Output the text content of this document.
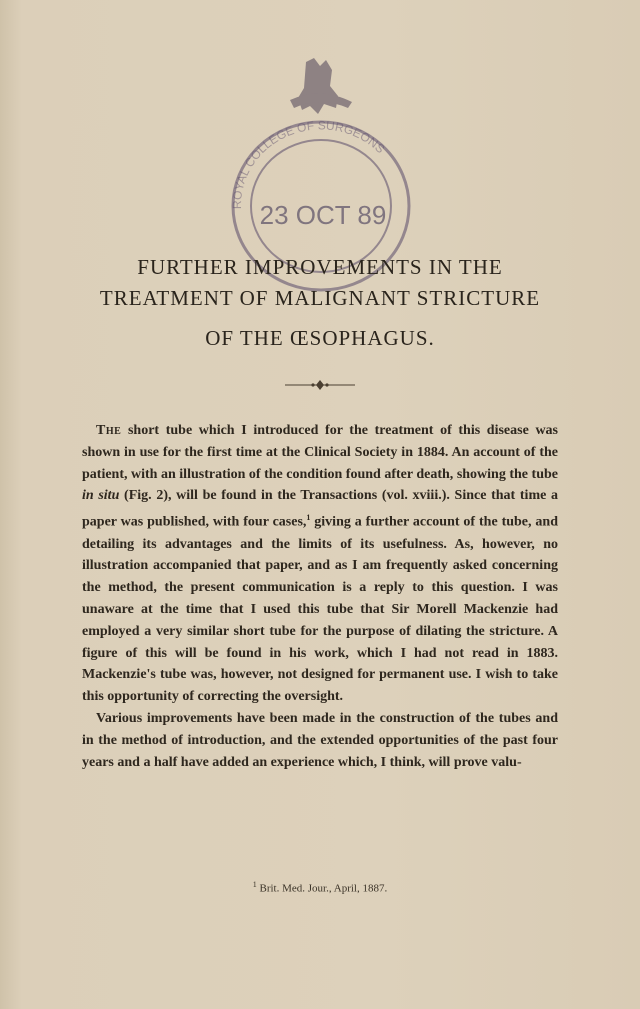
23 OCT 89
ROYAL COLLEGE OF SURGEONS
FURTHER IMPROVEMENTS IN THE
TREATMENT OF MALIGNANT STRICTURE
OF THE ŒSOPHAGUS.

 The short tube which I introduced for the treatment of this disease was shown in use for the first time at the Clinical Society in 1884. An account of the patient, with an illustration of the condition found after death, showing the tube in situ (Fig. 2), will be found in the Transactions (vol. xviii.). Since that time a paper was published, with four cases,$^1$ giving a further account of the tube, and detailing its advantages and the limits of its usefulness. As, however, no illustration accompanied that paper, and as I am frequently asked concerning the method, the present communication is a reply to this question. I was unaware at the time that I used this tube that Sir Morell Mackenzie had employed a very similar short tube for the purpose of dilating the stricture. A figure of this will be found in his work, which I had not read in 1883. Mackenzie's tube was, however, not designed for permanent use. I wish to take this opportunity of correcting the oversight.

 Various improvements have been made in the construction of the tubes and in the method of introduction, and the extended opportunities of the past four years and a half have added an experience which, I think, will prove valu-

$^1$ Brit. Med. Jour., April, 1887.
